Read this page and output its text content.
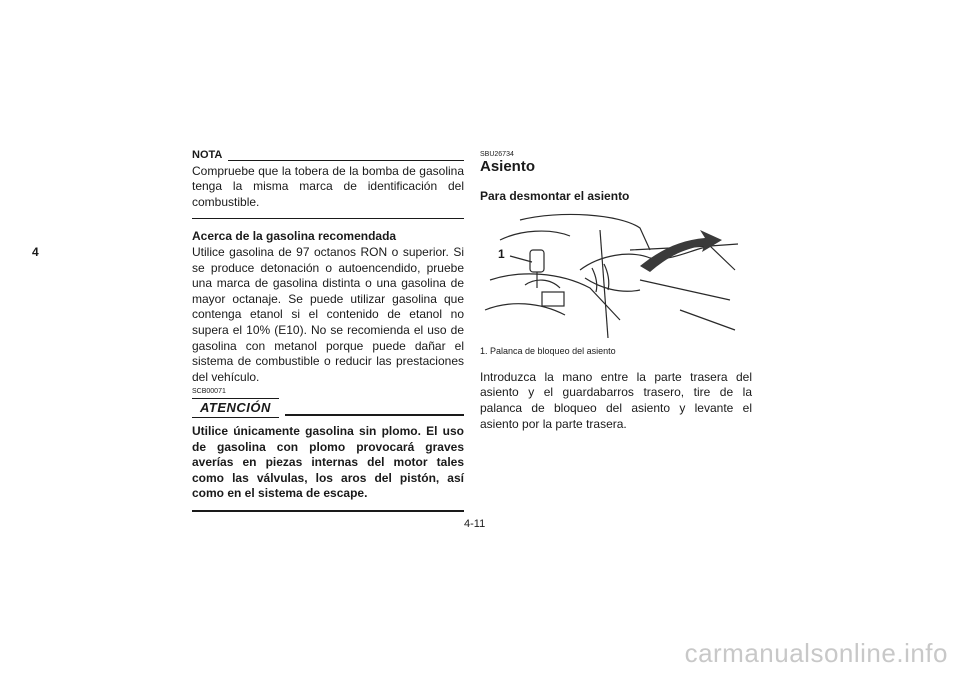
4
NOTA

Compruebe que la tobera de la bomba de gasolina tenga la misma marca de identificación del combustible.

Acerca de la gasolina recomendada

Utilice gasolina de 97 octanos RON o superior. Si se produce detonación o autoencendido, pruebe una marca de gasolina distinta o una gasolina de mayor octanaje. Se puede utilizar gasolina que contenga etanol si el contenido de etanol no supera el 10% (E10). No se recomienda el uso de gasolina con metanol porque puede dañar el sistema de combustible o reducir las prestaciones del vehículo.

SCB00071
ATENCIÓN

Utilice únicamente gasolina sin plomo. El uso de gasolina con plomo provocará graves averías en piezas internas del motor tales como las válvulas, los aros del pistón, así como en el sistema de escape.

SBU26734

Asiento

Para desmontar el asiento

1

1. Palanca de bloqueo del asiento

Introduzca la mano entre la parte trasera del asiento y el guardabarros trasero, tire de la palanca de bloqueo del asiento y levante el asiento por la parte trasera.

4-11
carmanualsonline.info
